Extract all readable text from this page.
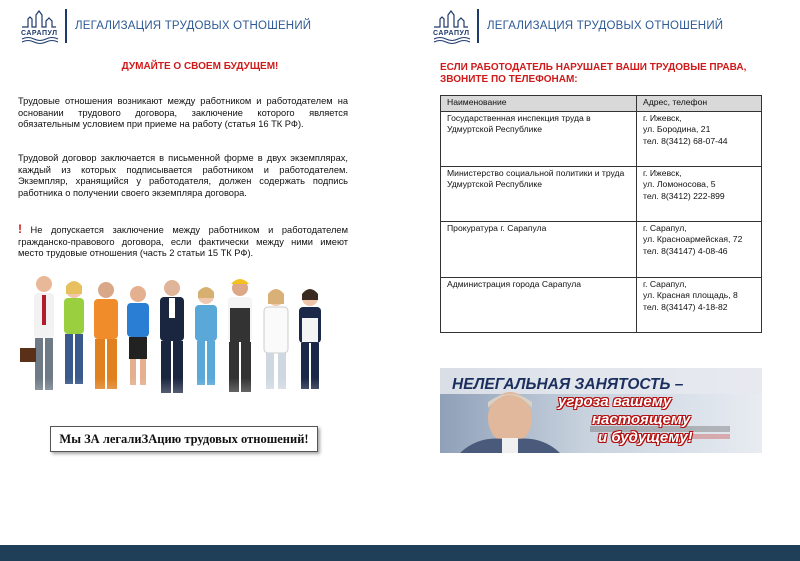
САРАПУЛ
ЛЕГАЛИЗАЦИЯ ТРУДОВЫХ ОТНОШЕНИЙ
ДУМАЙТЕ О СВОЕМ БУДУЩЕМ!

Трудовые отношения возникают между работником и работодателем на основании трудового договора, заключение которого является обязательным условием при приеме на работу (статья 16 ТК РФ).

Трудовой договор заключается в письменной форме в двух экземплярах, каждый из которых подписывается работником и работодателем. Экземпляр, хранящийся у работодателя, должен содержать подпись работника о получении своего экземпляра договора.

! Не допускается заключение между работником и работодателем гражданско-правового договора, если фактически между ними имеют место трудовые отношения (часть 2 статьи 15 ТК РФ).

Мы ЗА легалиЗАцию трудовых отношений!
САРАПУЛ
ЛЕГАЛИЗАЦИЯ ТРУДОВЫХ ОТНОШЕНИЙ
ЕСЛИ РАБОТОДАТЕЛЬ НАРУШАЕТ ВАШИ ТРУДОВЫЕ ПРАВА,
ЗВОНИТЕ ПО ТЕЛЕФОНАМ:
Наименование	Адрес, телефон
Государственная инспекция труда в Удмуртской Республике	г. Ижевск,
ул. Бородина, 21
тел. 8(3412) 68-07-44

Министерство социальной политики и труда Удмуртской Республике	г. Ижевск,
ул. Ломоносова, 5
тел. 8(3412) 222-899

Прокуратура г. Сарапула	г. Сарапул,
ул. Красноармейская, 72
тел. 8(34147) 4-08-46

Администрация города Сарапула	г. Сарапул,
ул. Красная площадь, 8
тел. 8(34147) 4-18-82
НЕЛЕГАЛЬНАЯ ЗАНЯТОСТЬ –
угроза вашему
настоящему
и будущему!
